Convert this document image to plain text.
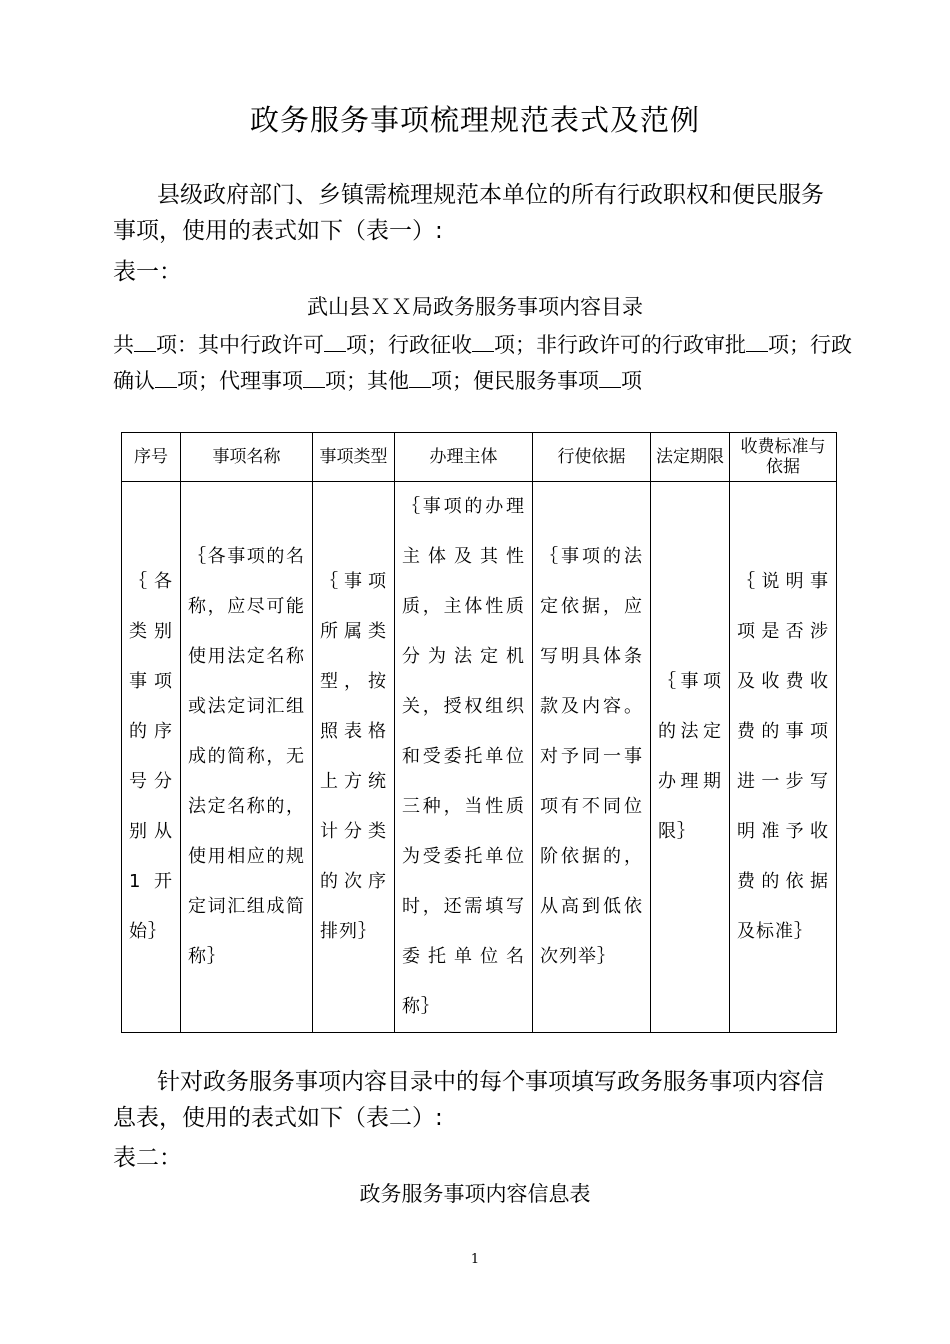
政务服务事项梳理规范表式及范例
县级政府部门、乡镇需梳理规范本单位的所有行政职权和便民服务事项，使用的表式如下（表一）:
表一：
武山县ＸＸ局政务服务事项内容目录
共 项：其中行政许可 项；行政征收 项；非行政许可的行政审批 项；行政确认 项；代理事项 项；其他 项；便民服务事项 项
序号	事项名称	事项类型	办理主体	行使依据	法定期限	收费标准与依据
｛各类别事项的序号分别从1开始｝	｛各事项的名称，应尽可能使用法定名称或法定词汇组成的简称，无法定名称的，使用相应的规定词汇组成简称｝	｛事项所属类型，按照表格上方统计分类的次序排列｝	｛事项的办理主体及其性质，主体性质分为法定机关，授权组织和受委托单位三种，当性质为受委托单位时，还需填写委托单位名称｝	｛事项的法定依据，应写明具体条款及内容。对予同一事项有不同位阶依据的，从高到低依次列举｝	｛事项的法定办理期限｝	｛说明事项是否涉及收费收费的事项进一步写明准予收费的依据及标准｝
针对政务服务事项内容目录中的每个事项填写政务服务事项内容信息表，使用的表式如下（表二）:
表二：
政务服务事项内容信息表
1
